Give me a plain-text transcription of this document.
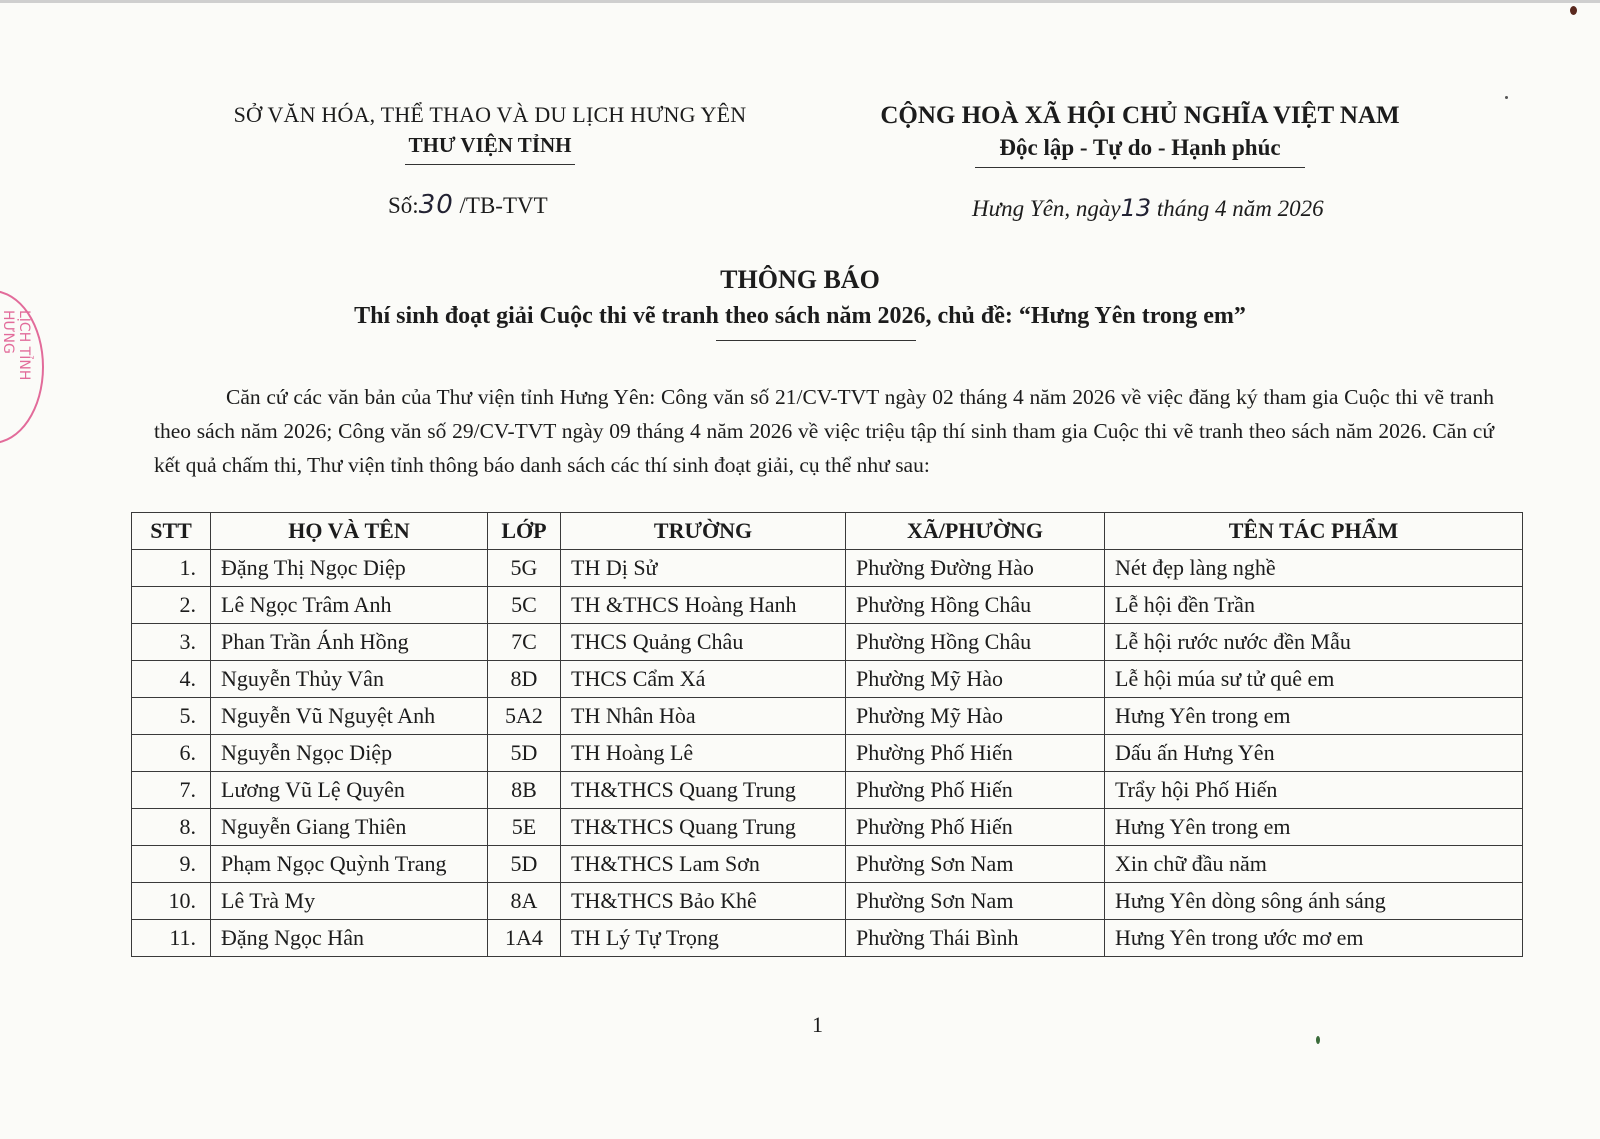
LỊCH TỈNH HƯNG
SỞ VĂN HÓA, THỂ THAO VÀ DU LỊCH HƯNG YÊN
THƯ VIỆN TỈNH
CỘNG HOÀ XÃ HỘI CHỦ NGHĨA VIỆT NAM
Độc lập - Tự do - Hạnh phúc
Số:30 /TB-TVT	Hưng Yên, ngày13 tháng 4 năm 2026
THÔNG BÁO
Thí sinh đoạt giải Cuộc thi vẽ tranh theo sách năm 2026, chủ đề: “Hưng Yên trong em”
Căn cứ các văn bản của Thư viện tỉnh Hưng Yên: Công văn số 21/CV-TVT ngày 02 tháng 4 năm 2026 về việc đăng ký tham gia Cuộc thi vẽ tranh theo sách năm 2026; Công văn số 29/CV-TVT ngày 09 tháng 4 năm 2026 về việc triệu tập thí sinh tham gia Cuộc thi vẽ tranh theo sách năm 2026. Căn cứ kết quả chấm thi, Thư viện tỉnh thông báo danh sách các thí sinh đoạt giải, cụ thể như sau:
STT	HỌ VÀ TÊN	LỚP	TRƯỜNG	XÃ/PHƯỜNG	TÊN TÁC PHẨM
1.	Đặng Thị Ngọc Diệp	5G	TH Dị Sử	Phường Đường Hào	Nét đẹp làng nghề
2.	Lê Ngọc Trâm Anh	5C	TH &THCS Hoàng Hanh	Phường Hồng Châu	Lễ hội đền Trần
3.	Phan Trần Ánh Hồng	7C	THCS Quảng Châu	Phường Hồng Châu	Lễ hội rước nước đền Mẫu
4.	Nguyễn Thủy Vân	8D	THCS Cẩm Xá	Phường Mỹ Hào	Lễ hội múa sư tử quê em
5.	Nguyễn Vũ Nguyệt Anh	5A2	TH Nhân Hòa	Phường Mỹ Hào	Hưng Yên trong em
6.	Nguyễn Ngọc Diệp	5D	TH Hoàng Lê	Phường Phố Hiến	Dấu ấn Hưng Yên
7.	Lương Vũ Lệ Quyên	8B	TH&THCS Quang Trung	Phường Phố Hiến	Trẩy hội Phố Hiến
8.	Nguyễn Giang Thiên	5E	TH&THCS Quang Trung	Phường Phố Hiến	Hưng Yên trong em
9.	Phạm Ngọc Quỳnh Trang	5D	TH&THCS Lam Sơn	Phường Sơn Nam	Xin chữ đầu năm
10.	Lê Trà My	8A	TH&THCS Bảo Khê	Phường Sơn Nam	Hưng Yên dòng sông ánh sáng
11.	Đặng Ngọc Hân	1A4	TH Lý Tự Trọng	Phường Thái Bình	Hưng Yên trong ước mơ em
1
